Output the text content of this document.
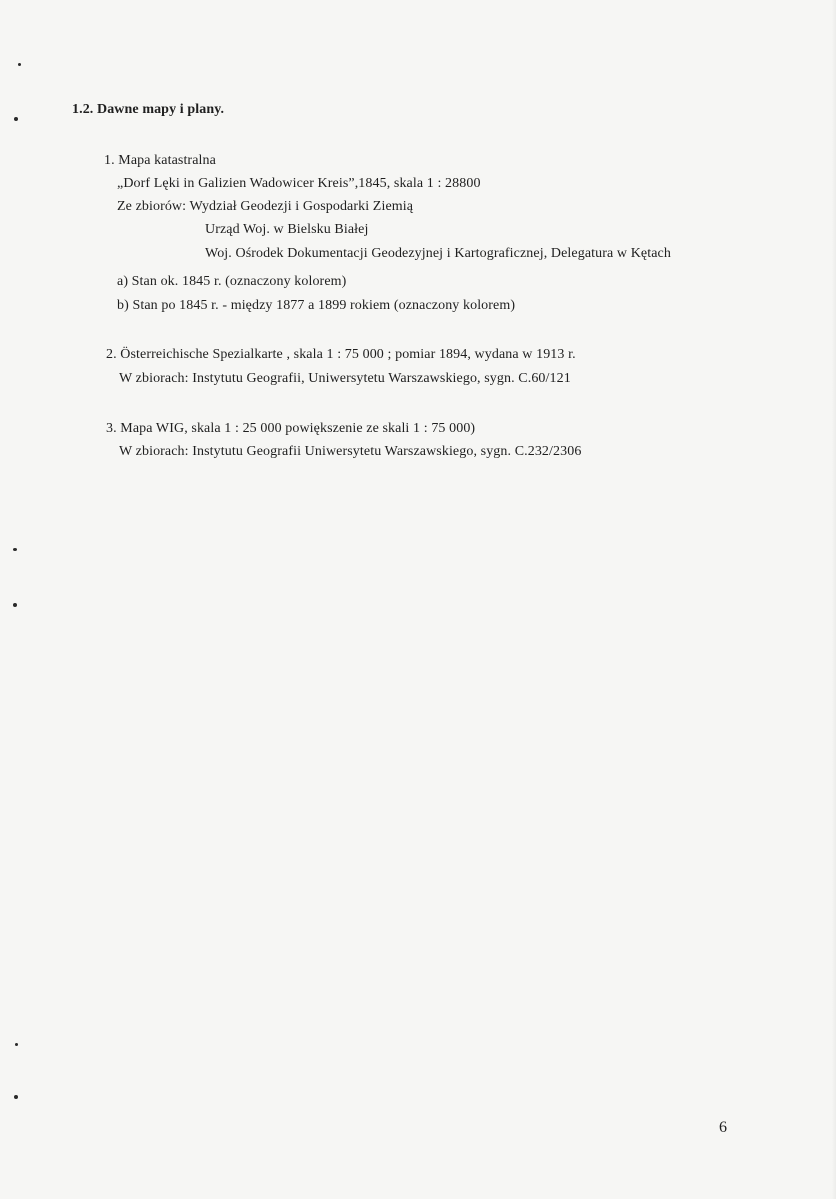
1.2. Dawne mapy i plany.
1. Mapa katastralna
„Dorf Lęki in Galizien Wadowicer Kreis”,1845, skala 1 : 28800
Ze zbiorów: Wydział Geodezji i Gospodarki Ziemią
Urząd Woj. w Bielsku Białej
Woj. Ośrodek Dokumentacji Geodezyjnej i Kartograficznej, Delegatura w Kętach
a) Stan ok. 1845 r. (oznaczony kolorem)
b) Stan po 1845 r. - między 1877 a 1899 rokiem (oznaczony kolorem)
2. Österreichische Spezialkarte , skala 1 : 75 000 ; pomiar 1894, wydana w 1913 r.
W zbiorach: Instytutu Geografii, Uniwersytetu Warszawskiego, sygn. C.60/121
3. Mapa WIG, skala 1 : 25 000 powiększenie ze skali 1 : 75 000)
W zbiorach: Instytutu Geografii Uniwersytetu Warszawskiego, sygn. C.232/2306
6
